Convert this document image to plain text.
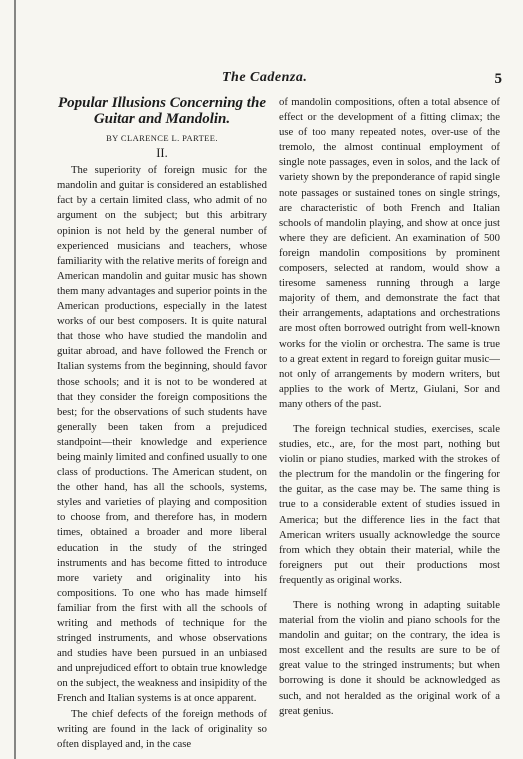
The Cadenza.	5
Popular Illusions Concerning the Guitar and Mandolin.
BY CLARENCE L. PARTEE.
II.

The superiority of foreign music for the mandolin and guitar is considered an established fact by a certain limited class, who admit of no argument on the subject; but this arbitrary opinion is not held by the general number of experienced musicians and teachers, whose familiarity with the relative merits of foreign and American mandolin and guitar music has shown them many advantages and superior points in the American productions, especially in the latest works of our best composers. It is quite natural that those who have studied the mandolin and guitar abroad, and have followed the French or Italian systems from the beginning, should favor those schools; and it is not to be wondered at that they consider the foreign compositions the best; for the observations of such students have generally been taken from a prejudiced standpoint—their knowledge and experience being mainly limited and confined usually to one class of productions. The American student, on the other hand, has all the schools, systems, styles and varieties of playing and composition to choose from, and therefore has, in modern times, obtained a broader and more liberal education in the study of the stringed instruments and has become fitted to introduce more variety and originality into his compositions. To one who has made himself familiar from the first with all the schools of writing and methods of technique for the stringed instruments, and whose observations and studies have been pursued in an unbiased and unprejudiced effort to obtain true knowledge on the subject, the weakness and insipidity of the French and Italian systems is at once apparent.

The chief defects of the foreign methods of writing are found in the lack of originality so often displayed and, in the case

of mandolin compositions, often a total absence of effect or the development of a fitting climax; the use of too many repeated notes, over-use of the tremolo, the almost continual employment of single note passages, even in solos, and the lack of variety shown by the preponderance of rapid single note passages or sustained tones on single strings, are characteristic of both French and Italian schools of mandolin playing, and show at once just where they are deficient. An examination of 500 foreign mandolin compositions by prominent composers, selected at random, would show a tiresome sameness running through a large majority of them, and demonstrate the fact that their arrangements, adaptations and orchestrations are most often borrowed outright from well-known works for the violin or orchestra. The same is true to a great extent in regard to foreign guitar music—not only of arrangements by modern writers, but applies to the work of Mertz, Giulani, Sor and many others of the past.

The foreign technical studies, exercises, scale studies, etc., are, for the most part, nothing but violin or piano studies, marked with the strokes of the plectrum for the mandolin or the fingering for the guitar, as the case may be. The same thing is true to a considerable extent of studies issued in America; but the difference lies in the fact that American writers usually acknowledge the source from which they obtain their material, while the foreigners put out their productions most frequently as original works.

There is nothing wrong in adapting suitable material from the violin and piano schools for the mandolin and guitar; on the contrary, the idea is most excellent and the results are sure to be of great value to the stringed instruments; but when borrowing is done it should be acknowledged as such, and not heralded as the original work of a great genius.
